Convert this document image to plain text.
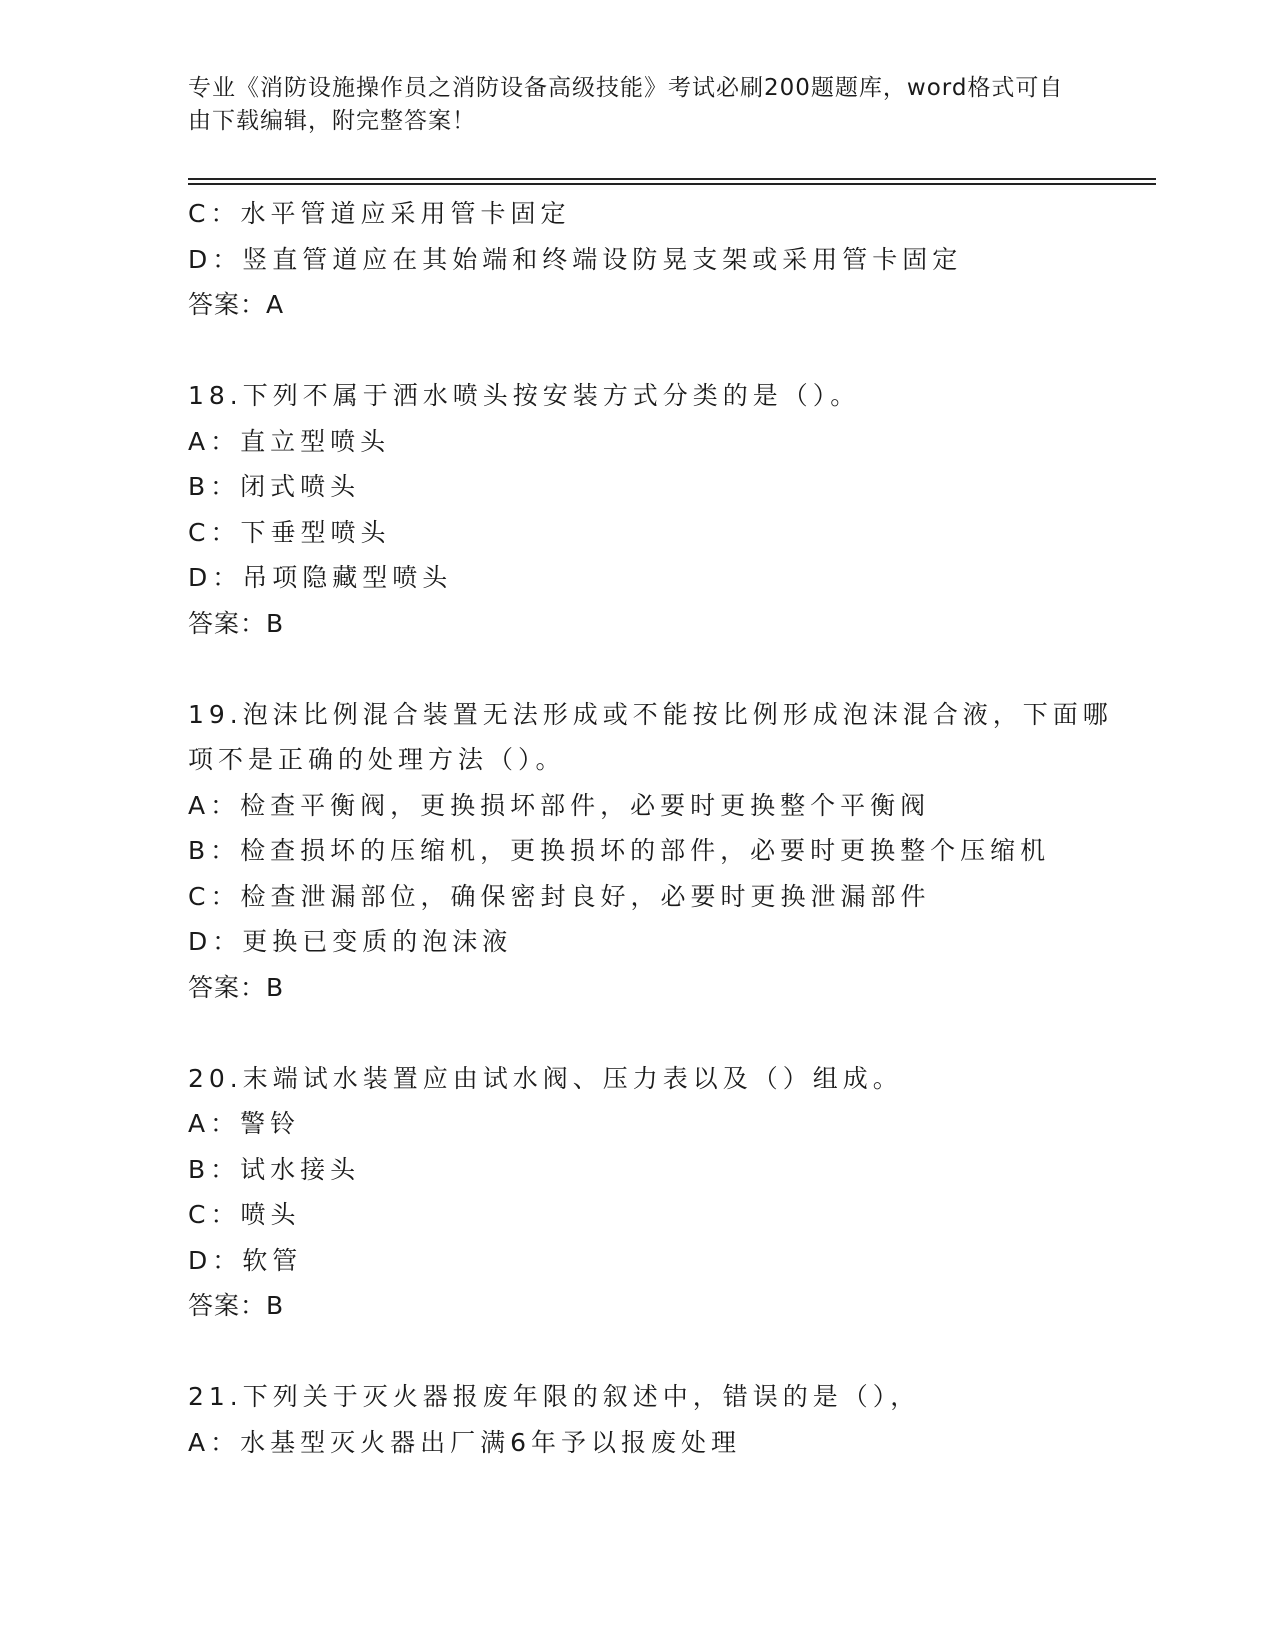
专业《消防设施操作员之消防设备高级技能》考试必刷200题题库，word格式可自由下载编辑，附完整答案！
C：水平管道应采用管卡固定
D：竖直管道应在其始端和终端设防晃支架或采用管卡固定
答案：A
18.下列不属于洒水喷头按安装方式分类的是（）。
A：直立型喷头
B：闭式喷头
C：下垂型喷头
D：吊项隐藏型喷头
答案：B
19.泡沫比例混合装置无法形成或不能按比例形成泡沫混合液，下面哪
项不是正确的处理方法（）。
A：检查平衡阀，更换损坏部件，必要时更换整个平衡阀
B：检查损坏的压缩机，更换损坏的部件，必要时更换整个压缩机
C：检查泄漏部位，确保密封良好，必要时更换泄漏部件
D：更换已变质的泡沫液
答案：B
20.末端试水装置应由试水阀、压力表以及（）组成。
A：警铃
B：试水接头
C：喷头
D：软管
答案：B
21.下列关于灭火器报废年限的叙述中，错误的是（），
A：水基型灭火器出厂满6年予以报废处理
